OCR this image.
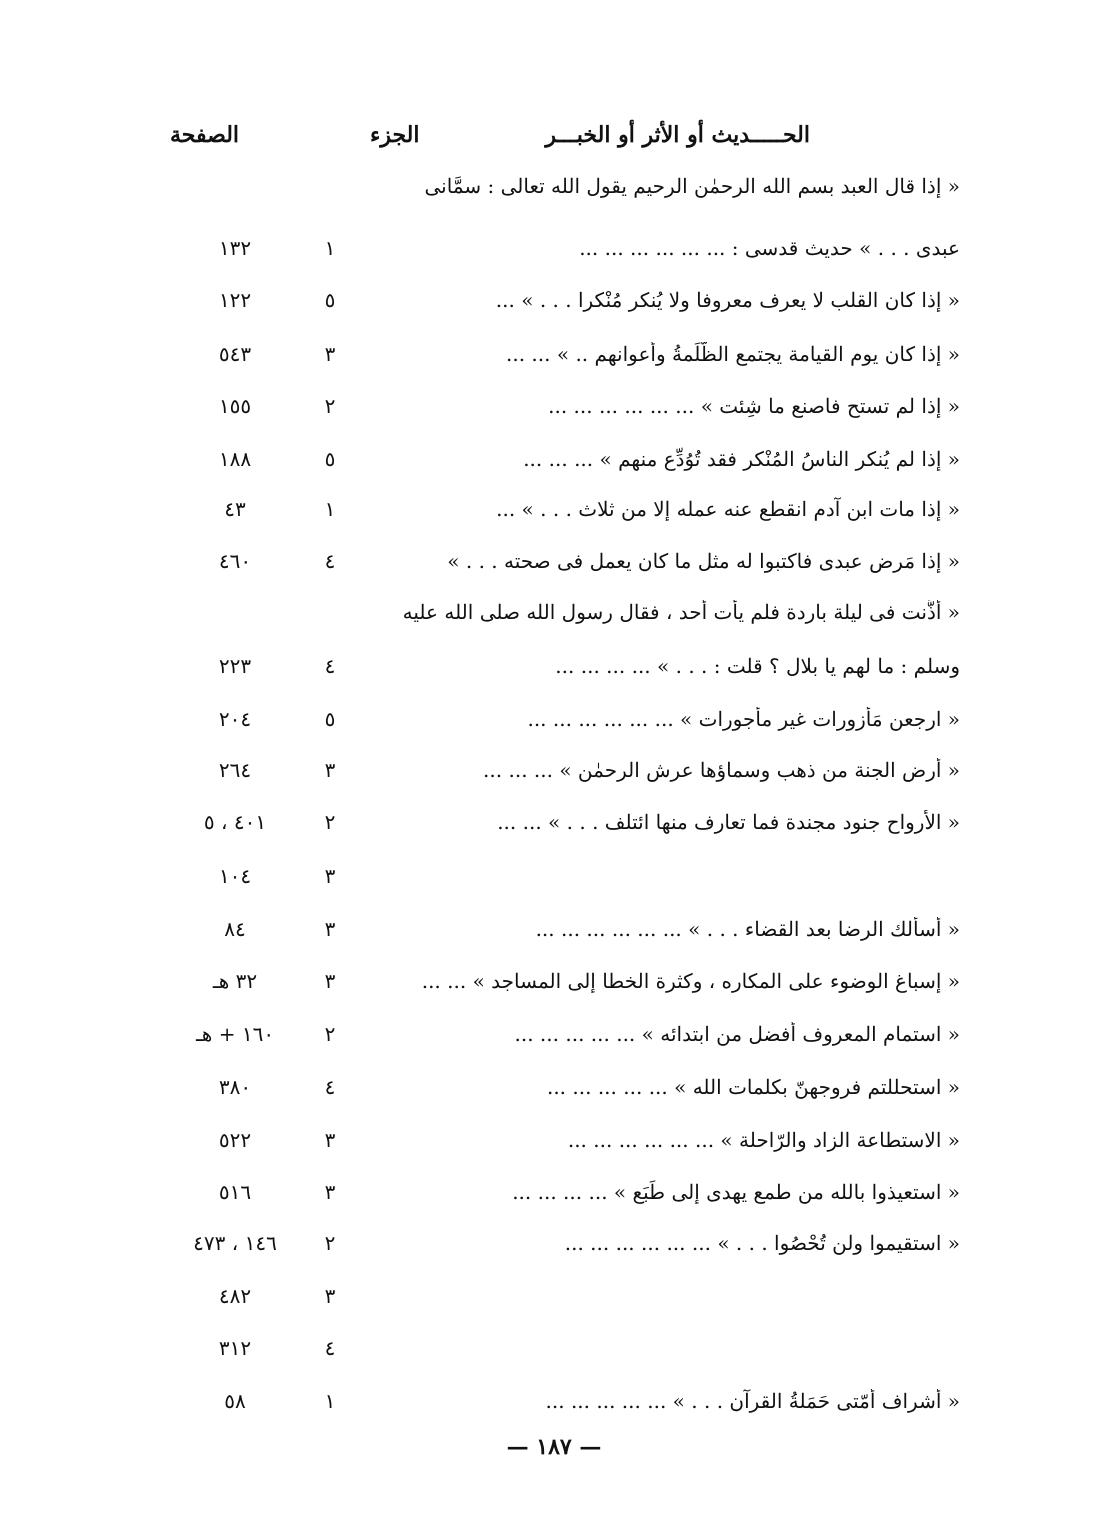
الحـــــديث أو الأثر أو الخبـــر
الجزء
الصفحة
« إذا قال العبد بسم الله الرحمٰن الرحيم يقول الله تعالى : سمَّانى
عبدى . . . » حديث قدسى : ... ... ... ... ... ...
١
١٣٢
« إذا كان القلب لا يعرف معروفا ولا يُنكر مُنْكرا . . . » ...
٥
١٢٢
« إذا كان يوم القيامة يجتمع الظَّلَمةُ وأعوانهم .. » ... ...
٣
٥٤٣
« إذا لم تستحِ فاصنع ما شِئت » ... ... ... ... ... ...
٢
١٥٥
« إذا لم يُنكر الناسُ المُنْكر فقد تُوُدِّع منهم » ... ... ...
٥
١٨٨
« إذا مات ابن آدم انقطع عنه عمله إلا من ثلاث . . . » ...
١
٤٣
« إذا مَرِض عبدى فاكتبوا له مثل ما كان يعمل فى صحته . . . »
٤
٤٦٠
« أذَّنت فى ليلة باردة فلم يأْت أحد ، فقال رسول الله صلى الله عليه
وسلم : ما لهم يا بلال ؟ قلت : . . . » ... ... ... ...
٤
٢٢٣
« ارجعن مَأزورات غير مأْجورات » ... ... ... ... ... ...
٥
٢٠٤
« أرض الجنة من ذهب وسماؤها عرش الرحمٰن » ... ... ...
٣
٢٦٤
« الأرواح جنود مجندة فما تعارف منها ائتلف . . . » ... ...
٢
٤٠١ ، ٥
٣
١٠٤
« أسألك الرضا بعد القضاء . . . » ... ... ... ... ... ...
٣
٨٤
« إسباغ الوضوء على المكاره ، وكثرة الخطا إلى المساجد » ... ...
٣
٣٢ هـ
« استمام المعروف أفضل من ابتدائه » ... ... ... ... ...
٢
١٦٠ + هـ
« استحللتم فروجهنّ بكلمات الله » ... ... ... ... ...
٤
٣٨٠
« الاستطاعة الزاد والرّاحلة » ... ... ... ... ... ...
٣
٥٢٢
« استعيذوا بالله من طمع يهدى إلى طَبَع » ... ... ... ...
٣
٥١٦
« استقيموا ولن تُحْصُوا . . . » ... ... ... ... ... ...
٢
١٤٦ ، ٤٧٣
٣
٤٨٢
٤
٣١٢
« أشراف أُمّتى حَمَلةُ القرآن . . . » ... ... ... ... ...
١
٥٨
— ١٨٧ —
